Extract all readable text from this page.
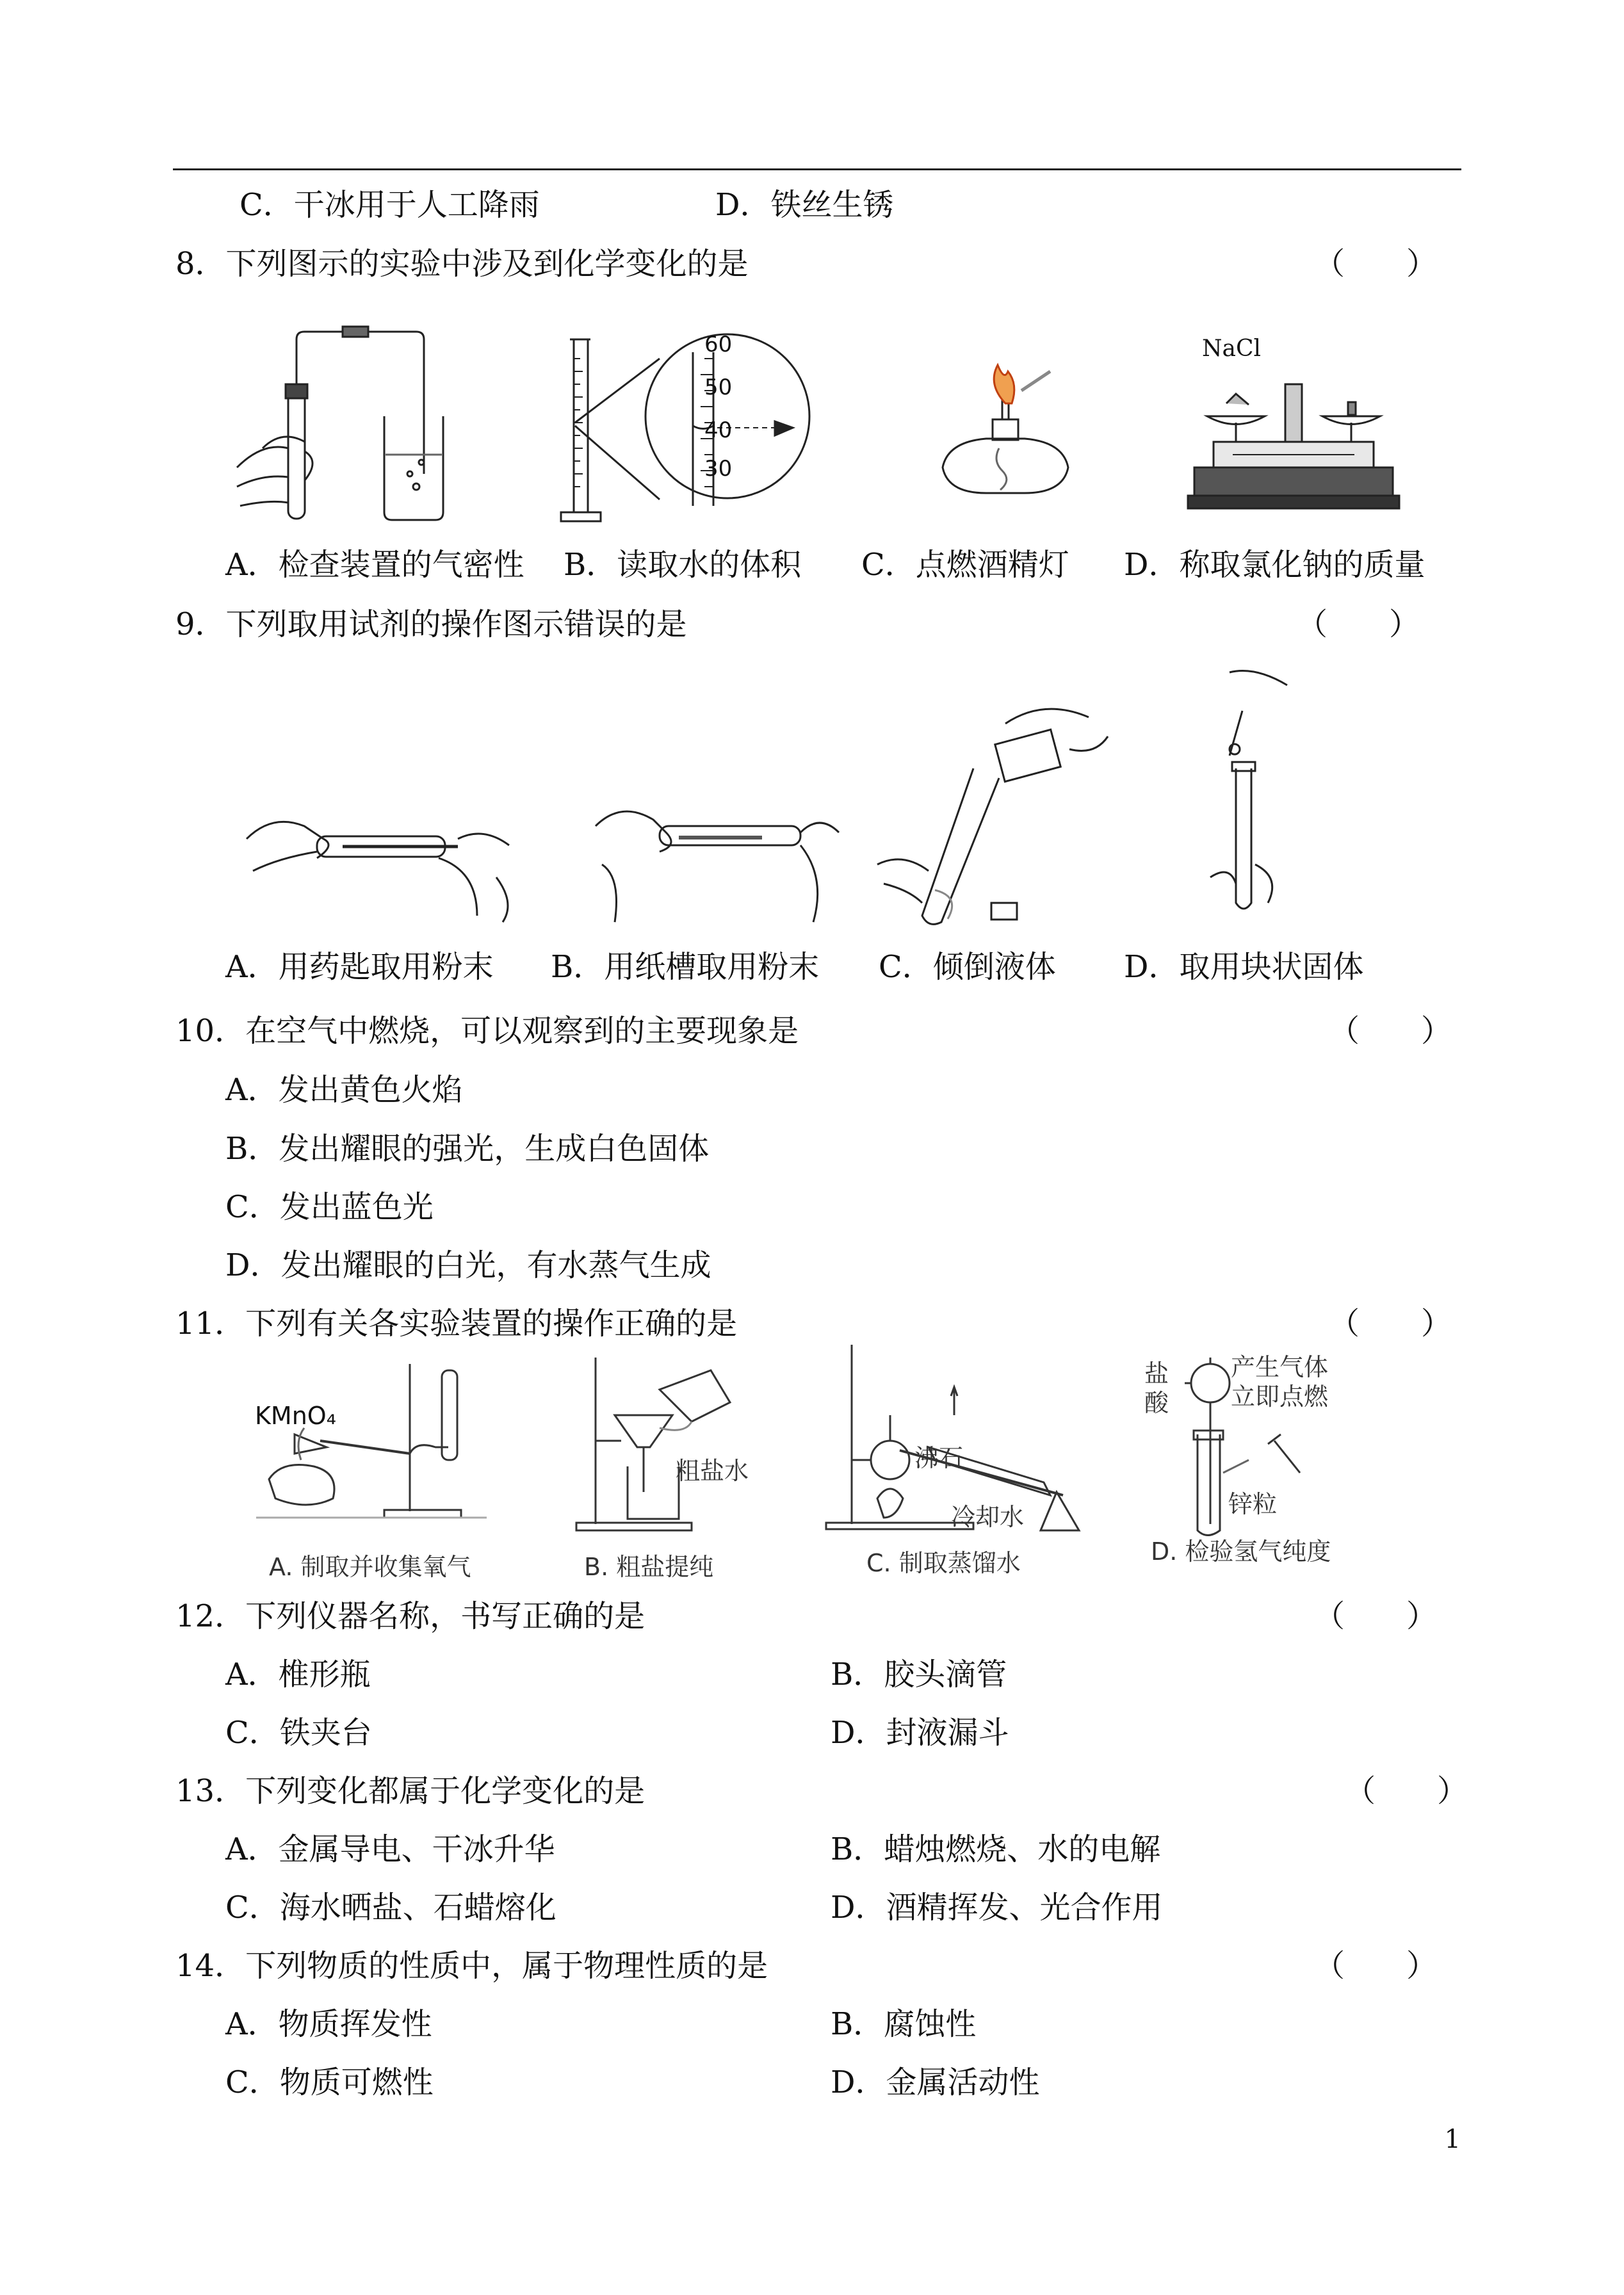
C．干冰用于人工降雨	D．铁丝生锈
8．下列图示的实验中涉及到化学变化的是	（　　）
60
50
40
30
NaCl
A．检查装置的气密性 B．读取水的体积 C．点燃酒精灯 D．称取氯化钠的质量
9．下列取用试剂的操作图示错误的是	（　　）
A．用药匙取用粉末 B．用纸槽取用粉末 C．倾倒液体 D．取用块状固体
10．在空气中燃烧，可以观察到的主要现象是	（　　）
A．发出黄色火焰
B．发出耀眼的强光，生成白色固体
C．发出蓝色光
D．发出耀眼的白光，有水蒸气生成
11．下列有关各实验装置的操作正确的是	（　　）
KMnO₄
A. 制取并收集氧气
粗盐水
B. 粗盐提纯
沸石
冷却水
C. 制取蒸馏水
盐
酸
产生气体
立即点燃
锌粒
D. 检验氢气纯度
12．下列仪器名称，书写正确的是	（　　）
A．椎形瓶	B．胶头滴管
C．铁夹台	D．封液漏斗
13．下列变化都属于化学变化的是	（　　）
A．金属导电、干冰升华	B．蜡烛燃烧、水的电解
C．海水晒盐、石蜡熔化	D．酒精挥发、光合作用
14．下列物质的性质中，属于物理性质的是	（　　）
A．物质挥发性	B．腐蚀性
C．物质可燃性	D．金属活动性
1
